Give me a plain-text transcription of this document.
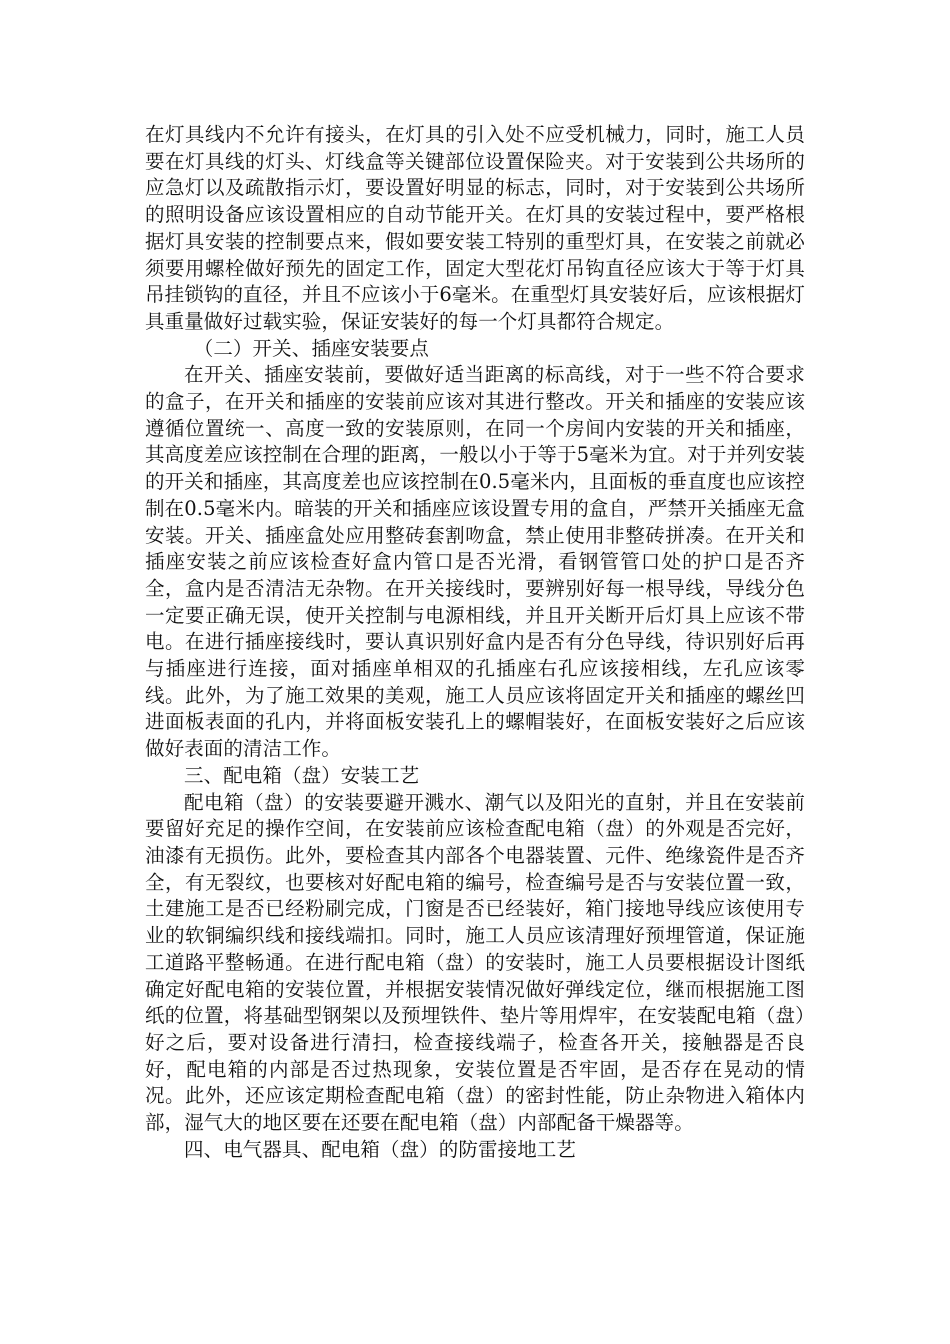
在灯具线内不允许有接头，在灯具的引入处不应受机械力，同时，施工人员要在灯具线的灯头、灯线盒等关键部位设置保险夹。对于安装到公共场所的应急灯以及疏散指示灯，要设置好明显的标志，同时，对于安装到公共场所的照明设备应该设置相应的自动节能开关。在灯具的安装过程中，要严格根据灯具安装的控制要点来，假如要安装工特别的重型灯具，在安装之前就必须要用螺栓做好预先的固定工作，固定大型花灯吊钩直径应该大于等于灯具吊挂锁钩的直径，并且不应该小于6毫米。在重型灯具安装好后，应该根据灯具重量做好过载实验，保证安装好的每一个灯具都符合规定。

（二）开关、插座安装要点

在开关、插座安装前，要做好适当距离的标高线，对于一些不符合要求的盒子，在开关和插座的安装前应该对其进行整改。开关和插座的安装应该遵循位置统一、高度一致的安装原则，在同一个房间内安装的开关和插座，其高度差应该控制在合理的距离，一般以小于等于5毫米为宜。对于并列安装的开关和插座，其高度差也应该控制在0.5毫米内，且面板的垂直度也应该控制在0.5毫米内。暗装的开关和插座应该设置专用的盒自，严禁开关插座无盒安装。开关、插座盒处应用整砖套割吻盒，禁止使用非整砖拼凑。在开关和插座安装之前应该检查好盒内管口是否光滑，看钢管管口处的护口是否齐全，盒内是否清洁无杂物。在开关接线时，要辨别好每一根导线，导线分色一定要正确无误，使开关控制与电源相线，并且开关断开后灯具上应该不带电。在进行插座接线时，要认真识别好盒内是否有分色导线，待识别好后再与插座进行连接，面对插座单相双的孔插座右孔应该接相线，左孔应该零线。此外，为了施工效果的美观，施工人员应该将固定开关和插座的螺丝凹进面板表面的孔内，并将面板安装孔上的螺帽装好，在面板安装好之后应该做好表面的清洁工作。

三、配电箱（盘）安装工艺

配电箱（盘）的安装要避开溅水、潮气以及阳光的直射，并且在安装前要留好充足的操作空间，在安装前应该检查配电箱（盘）的外观是否完好，油漆有无损伤。此外，要检查其内部各个电器装置、元件、绝缘瓷件是否齐全，有无裂纹，也要核对好配电箱的编号，检查编号是否与安装位置一致，土建施工是否已经粉刷完成，门窗是否已经装好，箱门接地导线应该使用专业的软铜编织线和接线端扣。同时，施工人员应该清理好预埋管道，保证施工道路平整畅通。在进行配电箱（盘）的安装时，施工人员要根据设计图纸确定好配电箱的安装位置，并根据安装情况做好弹线定位，继而根据施工图纸的位置，将基础型钢架以及预埋铁件、垫片等用焊牢，在安装配电箱（盘）好之后，要对设备进行清扫，检查接线端子，检查各开关，接触器是否良好，配电箱的内部是否过热现象，安装位置是否牢固，是否存在晃动的情况。此外，还应该定期检查配电箱（盘）的密封性能，防止杂物进入箱体内部，湿气大的地区要在还要在配电箱（盘）内部配备干燥器等。

四、电气器具、配电箱（盘）的防雷接地工艺
